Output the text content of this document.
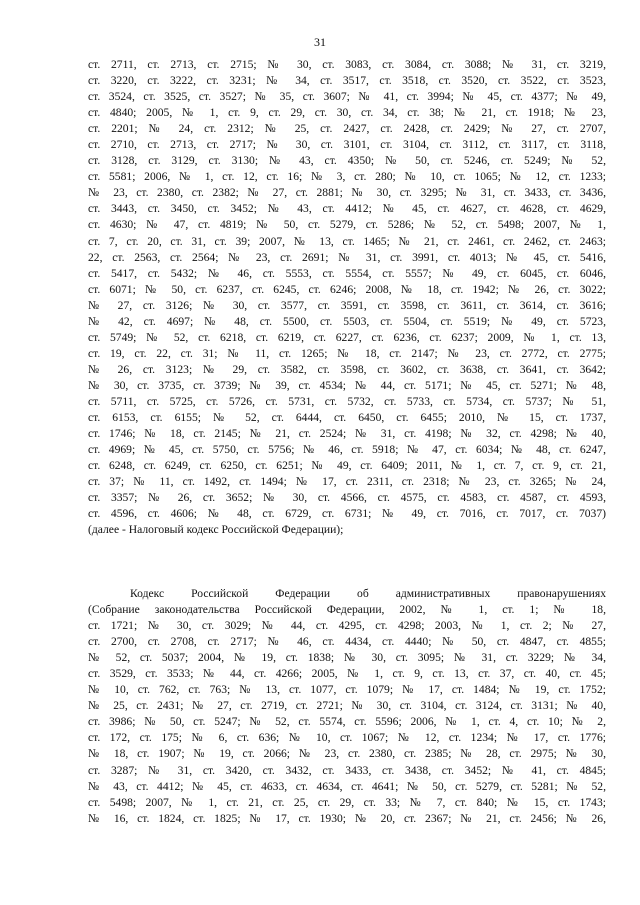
31
ст. 2711, ст. 2713, ст. 2715; № 30, ст. 3083, ст. 3084, ст. 3088; № 31, ст. 3219,
ст. 3220, ст. 3222, ст. 3231; № 34, ст. 3517, ст. 3518, ст. 3520, ст. 3522, ст. 3523,
ст. 3524, ст. 3525, ст. 3527; № 35, ст. 3607; № 41, ст. 3994; № 45, ст. 4377; № 49,
ст. 4840; 2005, № 1, ст. 9, ст. 29, ст. 30, ст. 34, ст. 38; № 21, ст. 1918; № 23,
ст. 2201; № 24, ст. 2312; № 25, ст. 2427, ст. 2428, ст. 2429; № 27, ст. 2707,
ст. 2710, ст. 2713, ст. 2717; № 30, ст. 3101, ст. 3104, ст. 3112, ст. 3117, ст. 3118,
ст. 3128, ст. 3129, ст. 3130; № 43, ст. 4350; № 50, ст. 5246, ст. 5249; № 52,
ст. 5581; 2006, № 1, ст. 12, ст. 16; № 3, ст. 280; № 10, ст. 1065; № 12, ст. 1233;
№ 23, ст. 2380, ст. 2382; № 27, ст. 2881; № 30, ст. 3295; № 31, ст. 3433, ст. 3436,
ст. 3443, ст. 3450, ст. 3452; № 43, ст. 4412; № 45, ст. 4627, ст. 4628, ст. 4629,
ст. 4630; № 47, ст. 4819; № 50, ст. 5279, ст. 5286; № 52, ст. 5498; 2007, № 1,
ст. 7, ст. 20, ст. 31, ст. 39; 2007, № 13, ст. 1465; № 21, ст. 2461, ст. 2462, ст. 2463;
22, ст. 2563, ст. 2564; № 23, ст. 2691; № 31, ст. 3991, ст. 4013; № 45, ст. 5416,
ст. 5417, ст. 5432; № 46, ст. 5553, ст. 5554, ст. 5557; № 49, ст. 6045, ст. 6046,
ст. 6071; № 50, ст. 6237, ст. 6245, ст. 6246; 2008, № 18, ст. 1942; № 26, ст. 3022;
№ 27, ст. 3126; № 30, ст. 3577, ст. 3591, ст. 3598, ст. 3611, ст. 3614, ст. 3616;
№ 42, ст. 4697; № 48, ст. 5500, ст. 5503, ст. 5504, ст. 5519; № 49, ст. 5723,
ст. 5749; № 52, ст. 6218, ст. 6219, ст. 6227, ст. 6236, ст. 6237; 2009, № 1, ст. 13,
ст. 19, ст. 22, ст. 31; № 11, ст. 1265; № 18, ст. 2147; № 23, ст. 2772, ст. 2775;
№ 26, ст. 3123; № 29, ст. 3582, ст. 3598, ст. 3602, ст. 3638, ст. 3641, ст. 3642;
№ 30, ст. 3735, ст. 3739; № 39, ст. 4534; № 44, ст. 5171; № 45, ст. 5271; № 48,
ст. 5711, ст. 5725, ст. 5726, ст. 5731, ст. 5732, ст. 5733, ст. 5734, ст. 5737; № 51,
ст. 6153, ст. 6155; № 52, ст. 6444, ст. 6450, ст. 6455; 2010, № 15, ст. 1737,
ст. 1746; № 18, ст. 2145; № 21, ст. 2524; № 31, ст. 4198; № 32, ст. 4298; № 40,
ст. 4969; № 45, ст. 5750, ст. 5756; № 46, ст. 5918; № 47, ст. 6034; № 48, ст. 6247,
ст. 6248, ст. 6249, ст. 6250, ст. 6251; № 49, ст. 6409; 2011, № 1, ст. 7, ст. 9, ст. 21,
ст. 37; № 11, ст. 1492, ст. 1494; № 17, ст. 2311, ст. 2318; № 23, ст. 3265; № 24,
ст. 3357; № 26, ст. 3652; № 30, ст. 4566, ст. 4575, ст. 4583, ст. 4587, ст. 4593,
ст. 4596, ст. 4606; № 48, ст. 6729, ст. 6731; № 49, ст. 7016, ст. 7017, ст. 7037)
(далее - Налоговый кодекс Российской Федерации);
Кодекс Российской Федерации об административных правонарушениях
(Собрание законодательства Российской Федерации, 2002, № 1, ст. 1; № 18,
ст. 1721; № 30, ст. 3029; № 44, ст. 4295, ст. 4298; 2003, № 1, ст. 2; № 27,
ст. 2700, ст. 2708, ст. 2717; № 46, ст. 4434, ст. 4440; № 50, ст. 4847, ст. 4855;
№ 52, ст. 5037; 2004, № 19, ст. 1838; № 30, ст. 3095; № 31, ст. 3229; № 34,
ст. 3529, ст. 3533; № 44, ст. 4266; 2005, № 1, ст. 9, ст. 13, ст. 37, ст. 40, ст. 45;
№ 10, ст. 762, ст. 763; № 13, ст. 1077, ст. 1079; № 17, ст. 1484; № 19, ст. 1752;
№ 25, ст. 2431; № 27, ст. 2719, ст. 2721; № 30, ст. 3104, ст. 3124, ст. 3131; № 40,
ст. 3986; № 50, ст. 5247; № 52, ст. 5574, ст. 5596; 2006, № 1, ст. 4, ст. 10; № 2,
ст. 172, ст. 175; № 6, ст. 636; № 10, ст. 1067; № 12, ст. 1234; № 17, ст. 1776;
№ 18, ст. 1907; № 19, ст. 2066; № 23, ст. 2380, ст. 2385; № 28, ст. 2975; № 30,
ст. 3287; № 31, ст. 3420, ст. 3432, ст. 3433, ст. 3438, ст. 3452; № 41, ст. 4845;
№ 43, ст. 4412; № 45, ст. 4633, ст. 4634, ст. 4641; № 50, ст. 5279, ст. 5281; № 52,
ст. 5498; 2007, № 1, ст. 21, ст. 25, ст. 29, ст. 33; № 7, ст. 840; № 15, ст. 1743;
№ 16, ст. 1824, ст. 1825; № 17, ст. 1930; № 20, ст. 2367; № 21, ст. 2456; № 26,
